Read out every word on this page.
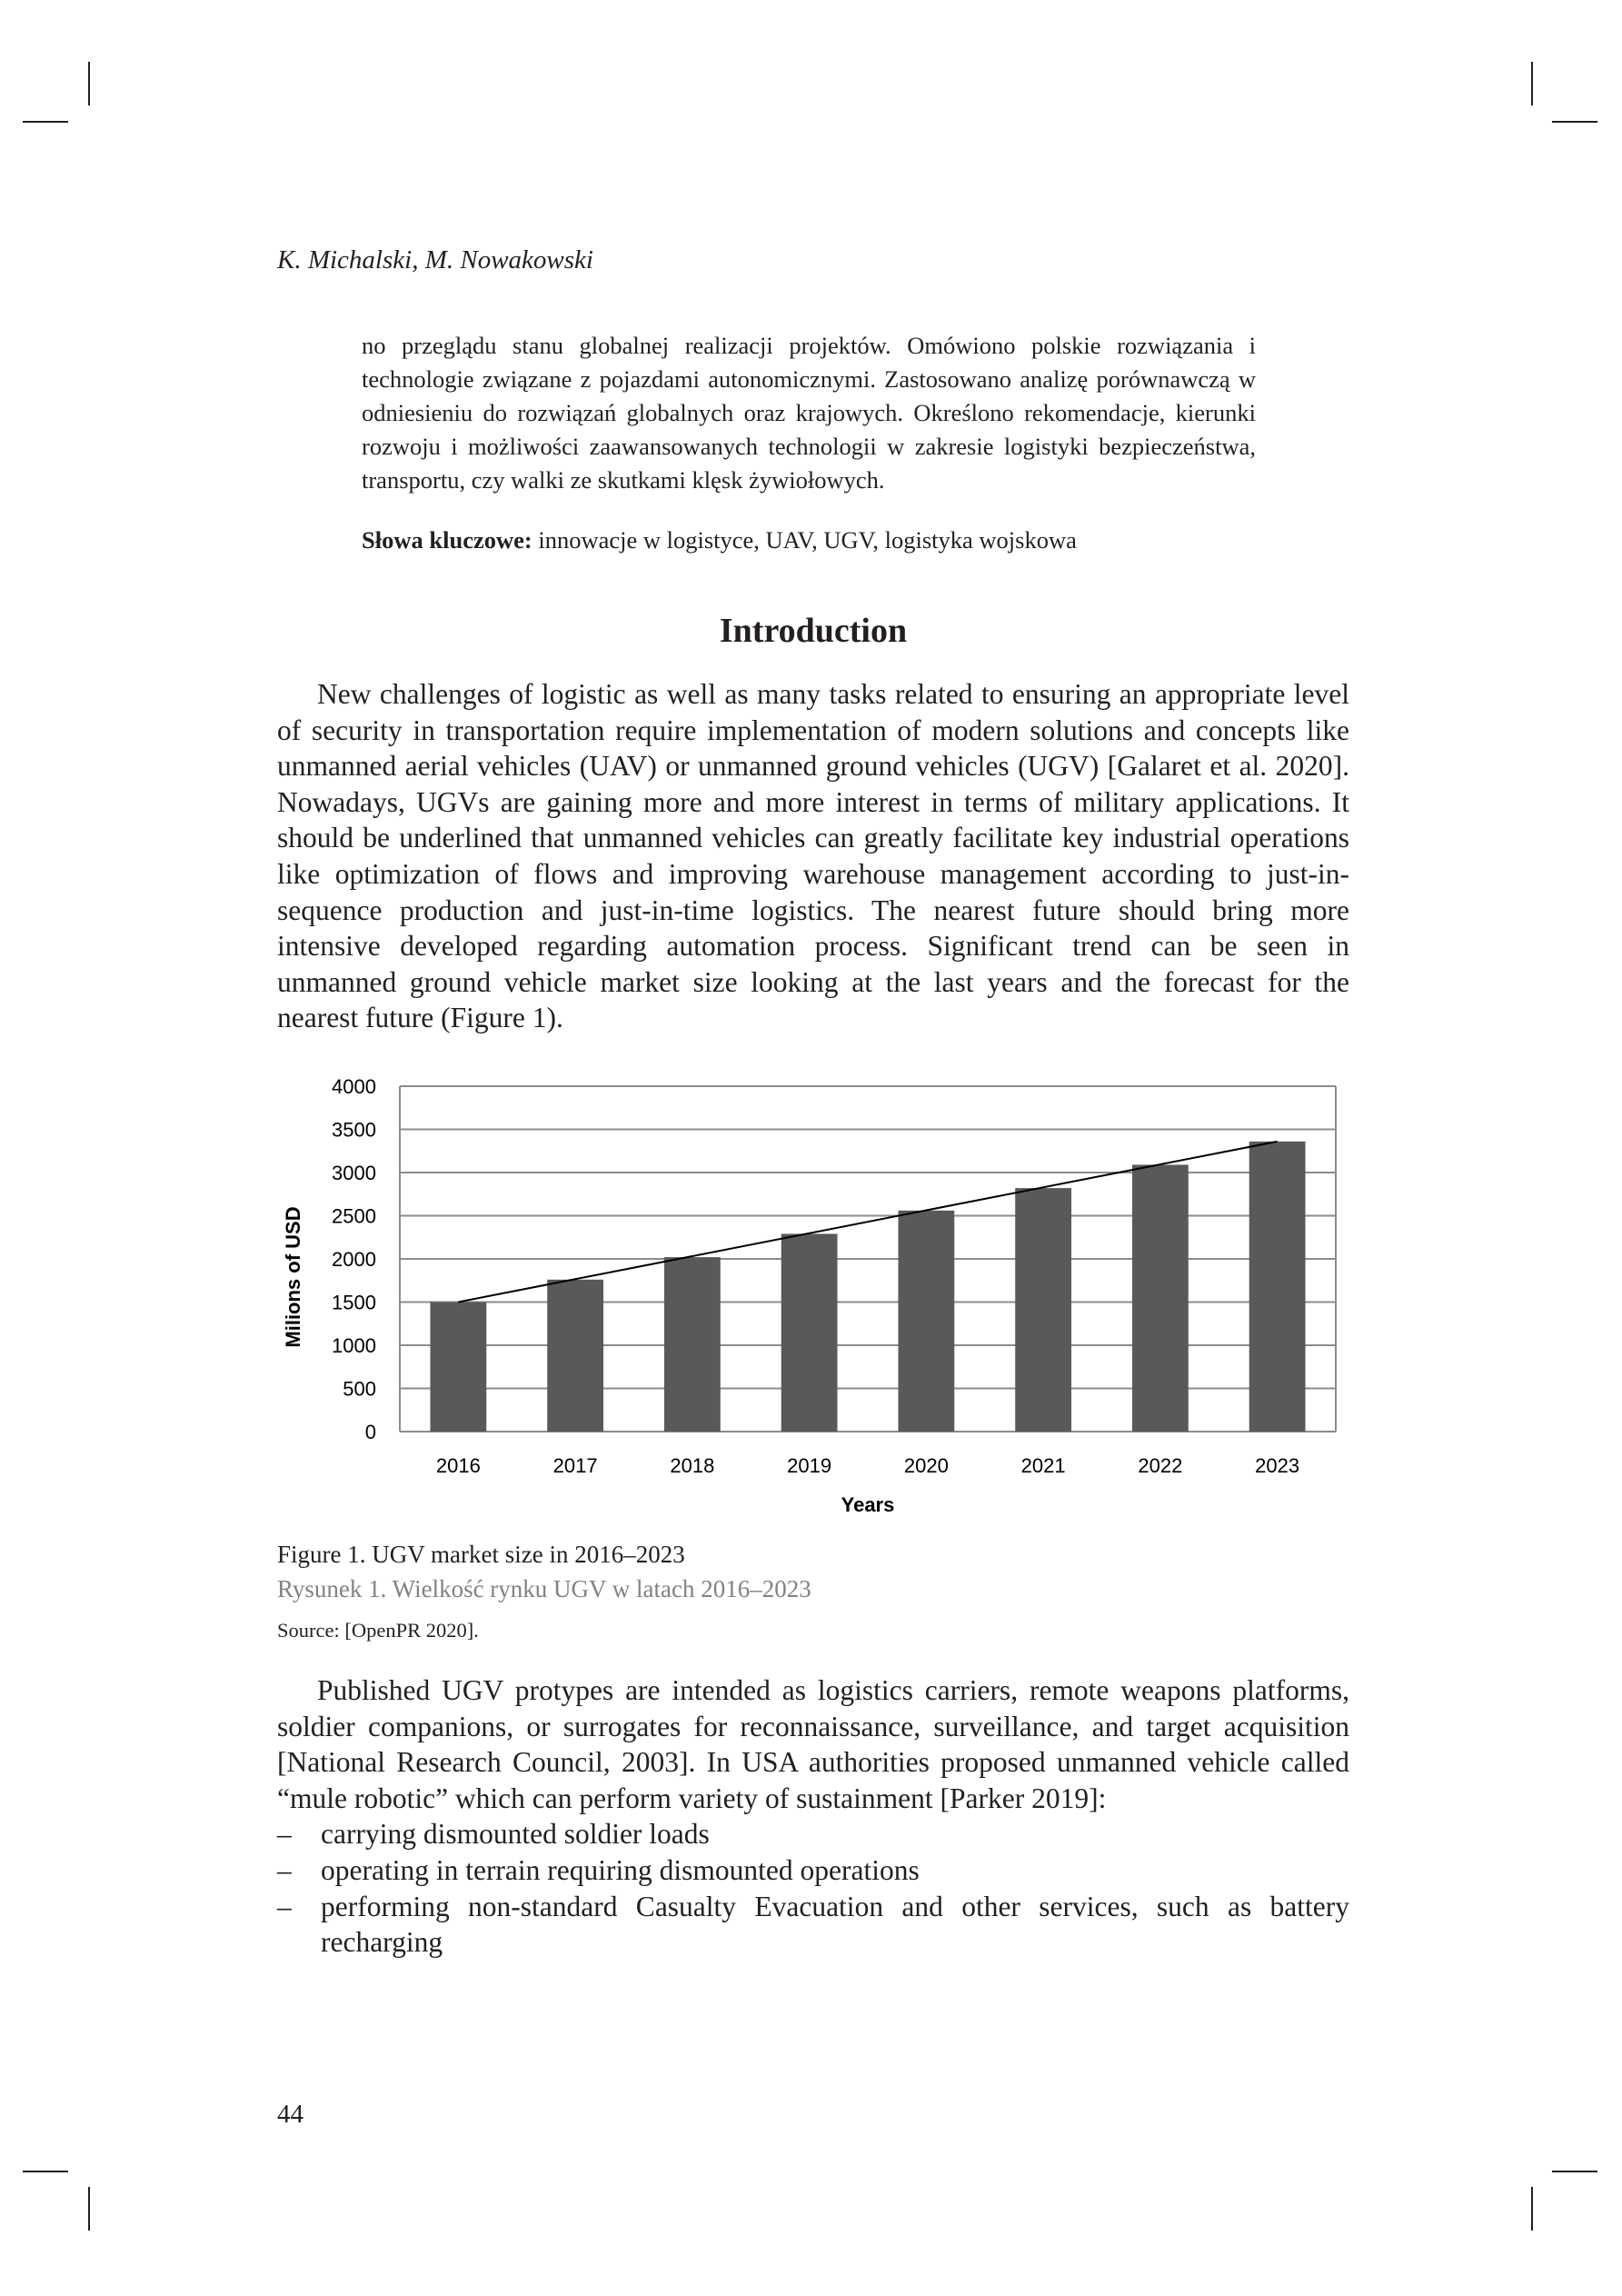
K. Michalski, M. Nowakowski

no przeglądu stanu globalnej realizacji projektów. Omówiono polskie rozwiązania i technologie związane z pojazdami autonomicznymi. Zastosowano analizę porównawczą w odniesieniu do rozwiązań globalnych oraz krajowych. Określono rekomendacje, kierunki rozwoju i możliwości zaawansowanych technologii w zakresie logistyki bezpieczeństwa, transportu, czy walki ze skutkami klęsk żywiołowych.

Słowa kluczowe: innowacje w logistyce, UAV, UGV, logistyka wojskowa
Introduction

New challenges of logistic as well as many tasks related to ensuring an appropriate level of security in transportation require implementation of modern solutions and concepts like unmanned aerial vehicles (UAV) or unmanned ground vehicles (UGV) [Galaret et al. 2020]. Nowadays, UGVs are gaining more and more interest in terms of military applications. It should be underlined that unmanned vehicles can greatly facilitate key industrial operations like optimization of flows and improving warehouse management according to just-in-sequence production and just-in-time logistics. The nearest future should bring more intensive developed regarding automation process. Significant trend can be seen in unmanned ground vehicle market size looking at the last years and the forecast for the nearest future (Figure 1).

0
500
1000
1500
2000
2500
3000
3500
4000
2016	2017	2018	2019	2020	2021	2022	2023
Years
Milions of USD
Figure 1. UGV market size in 2016–2023
Rysunek 1. Wielkość rynku UGV w latach 2016–2023
Source: [OpenPR 2020].

Published UGV protypes are intended as logistics carriers, remote weapons platforms, soldier companions, or surrogates for reconnaissance, surveillance, and target acquisition [National Research Council, 2003]. In USA authorities proposed unmanned vehicle called “mule robotic” which can perform variety of sustainment [Parker 2019]:

– carrying dismounted soldier loads
– operating in terrain requiring dismounted operations
– performing non-standard Casualty Evacuation and other services, such as battery recharging
44
